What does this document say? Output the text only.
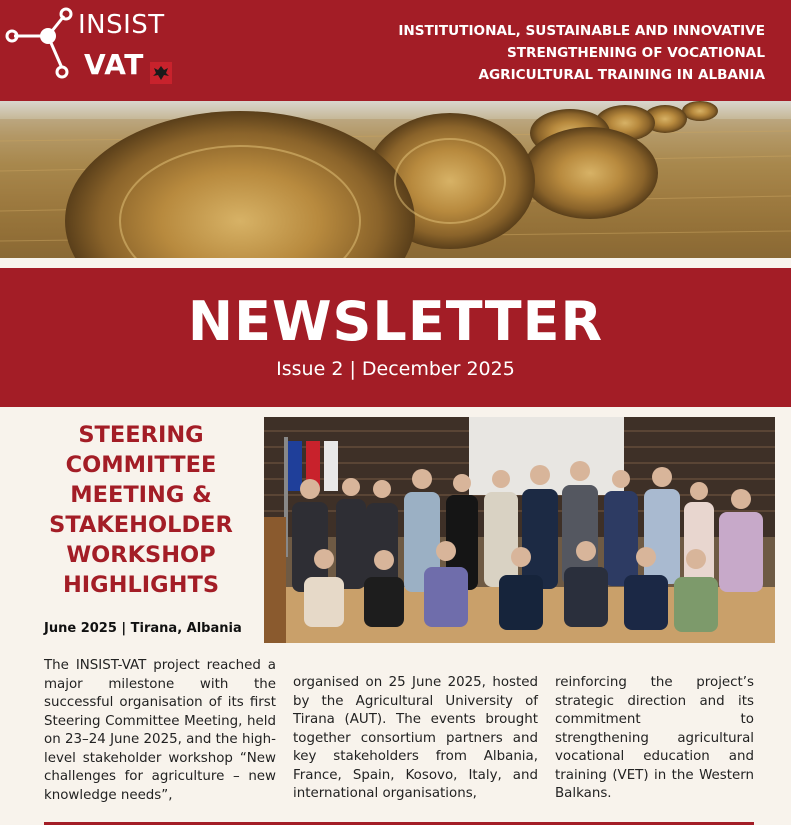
INSIST
VAT
INSTITUTIONAL, SUSTAINABLE AND INNOVATIVE
STRENGTHENING OF VOCATIONAL
AGRICULTURAL TRAINING IN ALBANIA
NEWSLETTER
Issue 2 | December 2025
STEERING
COMMITTEE
MEETING &
STAKEHOLDER
WORKSHOP
HIGHLIGHTS
June 2025 | Tirana, Albania
The INSIST-VAT project reached a major milestone with the successful organisation of its first Steering Committee Meeting, held on 23–24 June 2025, and the high-level stakeholder workshop “New challenges for agriculture – new knowledge needs”,
organised on 25 June 2025, hosted by the Agricultural University of Tirana (AUT). The events brought together consortium partners and key stakeholders from Albania, France, Spain, Kosovo, Italy, and international organisations,
reinforcing the project’s strategic direction and its commitment to strengthening agricultural vocational education and training (VET) in the Western Balkans.
